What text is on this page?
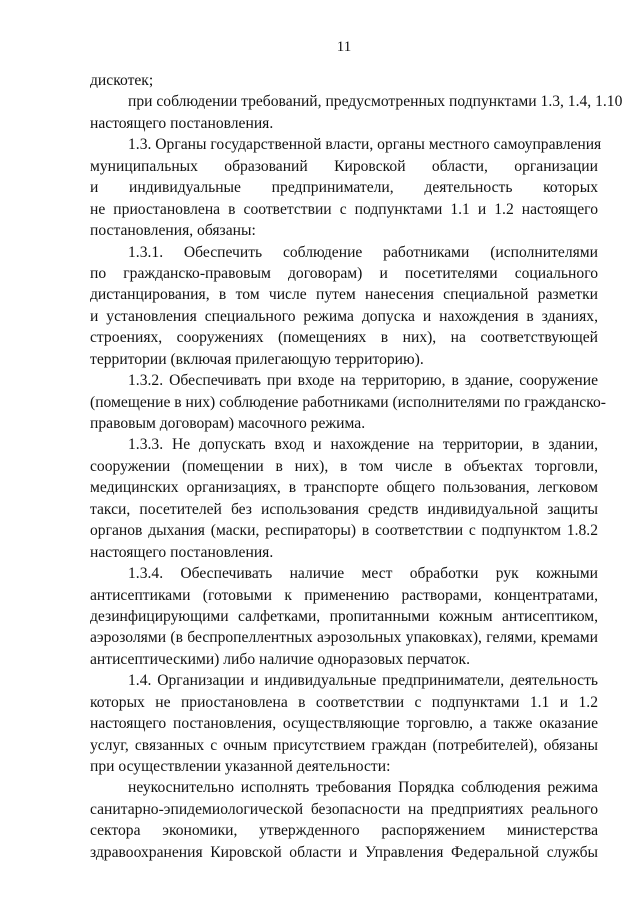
11
дискотек;
при соблюдении требований, предусмотренных подпунктами 1.3, 1.4, 1.10
настоящего постановления.
1.3. Органы государственной власти, органы местного самоуправления
муниципальных образований Кировской области, организации
и индивидуальные предприниматели, деятельность которых
не приостановлена в соответствии с подпунктами 1.1 и 1.2 настоящего
постановления, обязаны:
1.3.1. Обеспечить соблюдение работниками (исполнителями
по гражданско-правовым договорам) и посетителями социального
дистанцирования, в том числе путем нанесения специальной разметки
и установления специального режима допуска и нахождения в зданиях,
строениях, сооружениях (помещениях в них), на соответствующей
территории (включая прилегающую территорию).
1.3.2. Обеспечивать при входе на территорию, в здание, сооружение
(помещение в них) соблюдение работниками (исполнителями по гражданско-
правовым договорам) масочного режима.
1.3.3. Не допускать вход и нахождение на территории, в здании,
сооружении (помещении в них), в том числе в объектах торговли,
медицинских организациях, в транспорте общего пользования, легковом
такси, посетителей без использования средств индивидуальной защиты
органов дыхания (маски, респираторы) в соответствии с подпунктом 1.8.2
настоящего постановления.
1.3.4. Обеспечивать наличие мест обработки рук кожными
антисептиками (готовыми к применению растворами, концентратами,
дезинфицирующими салфетками, пропитанными кожным антисептиком,
аэрозолями (в беспропеллентных аэрозольных упаковках), гелями, кремами
антисептическими) либо наличие одноразовых перчаток.
1.4. Организации и индивидуальные предприниматели, деятельность
которых не приостановлена в соответствии с подпунктами 1.1 и 1.2
настоящего постановления, осуществляющие торговлю, а также оказание
услуг, связанных с очным присутствием граждан (потребителей), обязаны
при осуществлении указанной деятельности:
неукоснительно исполнять требования Порядка соблюдения режима
санитарно-эпидемиологической безопасности на предприятиях реального
сектора экономики, утвержденного распоряжением министерства
здравоохранения Кировской области и Управления Федеральной службы
